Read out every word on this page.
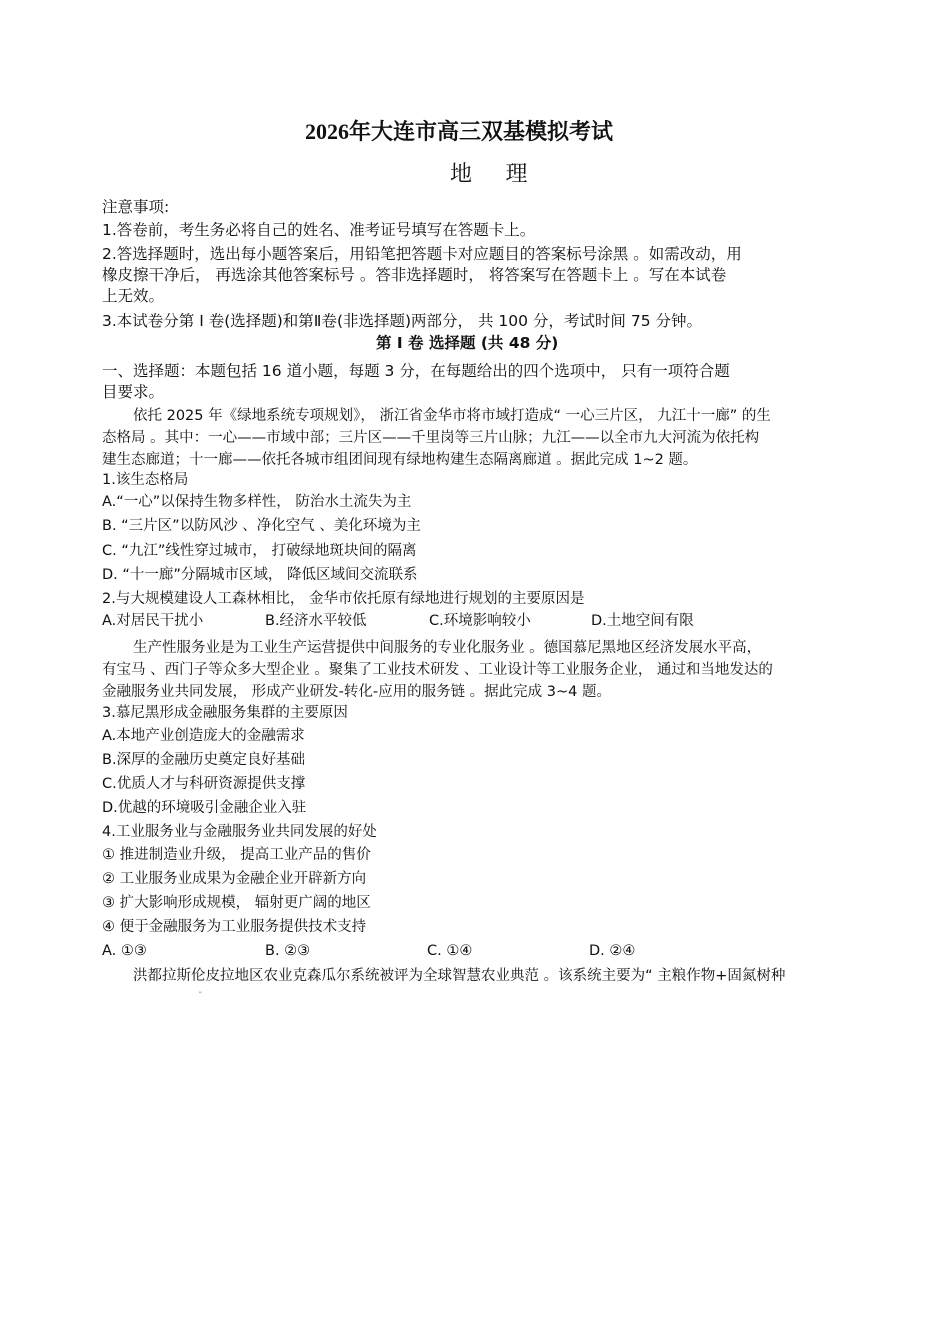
2026年大连市高三双基模拟考试
地 理
注意事项:
1.答卷前，考生务必将自己的姓名、准考证号填写在答题卡上。
2.答选择题时，选出每小题答案后，用铅笔把答题卡对应题目的答案标号涂黑 。如需改动，用
橡皮擦干净后， 再选涂其他答案标号 。答非选择题时， 将答案写在答题卡上 。写在本试卷
上无效。
3.本试卷分第 Ⅰ 卷(选择题)和第Ⅱ卷(非选择题)两部分， 共 100 分，考试时间 75 分钟。
第 Ⅰ 卷 选择题 (共 48 分)
一、选择题：本题包括 16 道小题，每题 3 分，在每题给出的四个选项中， 只有一项符合题
目要求。
依托 2025 年《绿地系统专项规划》， 浙江省金华市将市域打造成“ 一心三片区， 九江十一廊” 的生
态格局 。其中：一心——市域中部；三片区——千里岗等三片山脉；九江——以全市九大河流为依托构
建生态廊道；十一廊——依托各城市组团间现有绿地构建生态隔离廊道 。据此完成 1~2 题。
1.该生态格局
A.“一心”以保持生物多样性， 防治水土流失为主
B. “三片区”以防风沙 、净化空气 、美化环境为主
C. “九江”线性穿过城市， 打破绿地斑块间的隔离
D. “十一廊”分隔城市区域， 降低区域间交流联系
2.与大规模建设人工森林相比， 金华市依托原有绿地进行规划的主要原因是
A.对居民干扰小	B.经济水平较低	C.环境影响较小	D.土地空间有限
生产性服务业是为工业生产运营提供中间服务的专业化服务业 。德国慕尼黑地区经济发展水平高，
有宝马 、西门子等众多大型企业 。聚集了工业技术研发 、工业设计等工业服务企业， 通过和当地发达的
金融服务业共同发展， 形成产业研发-转化-应用的服务链 。据此完成 3~4 题。
3.慕尼黑形成金融服务集群的主要原因
A.本地产业创造庞大的金融需求
B.深厚的金融历史奠定良好基础
C.优质人才与科研资源提供支撑
D.优越的环境吸引金融企业入驻
4.工业服务业与金融服务业共同发展的好处
① 推进制造业升级， 提高工业产品的售价
② 工业服务业成果为金融企业开辟新方向
③ 扩大影响形成规模， 辐射更广阔的地区
④ 便于金融服务为工业服务提供技术支持
A. ①③	B. ②③	C. ①④	D. ②④
洪都拉斯伦皮拉地区农业克森瓜尔系统被评为全球智慧农业典范 。该系统主要为“ 主粮作物+固氮树种
"
